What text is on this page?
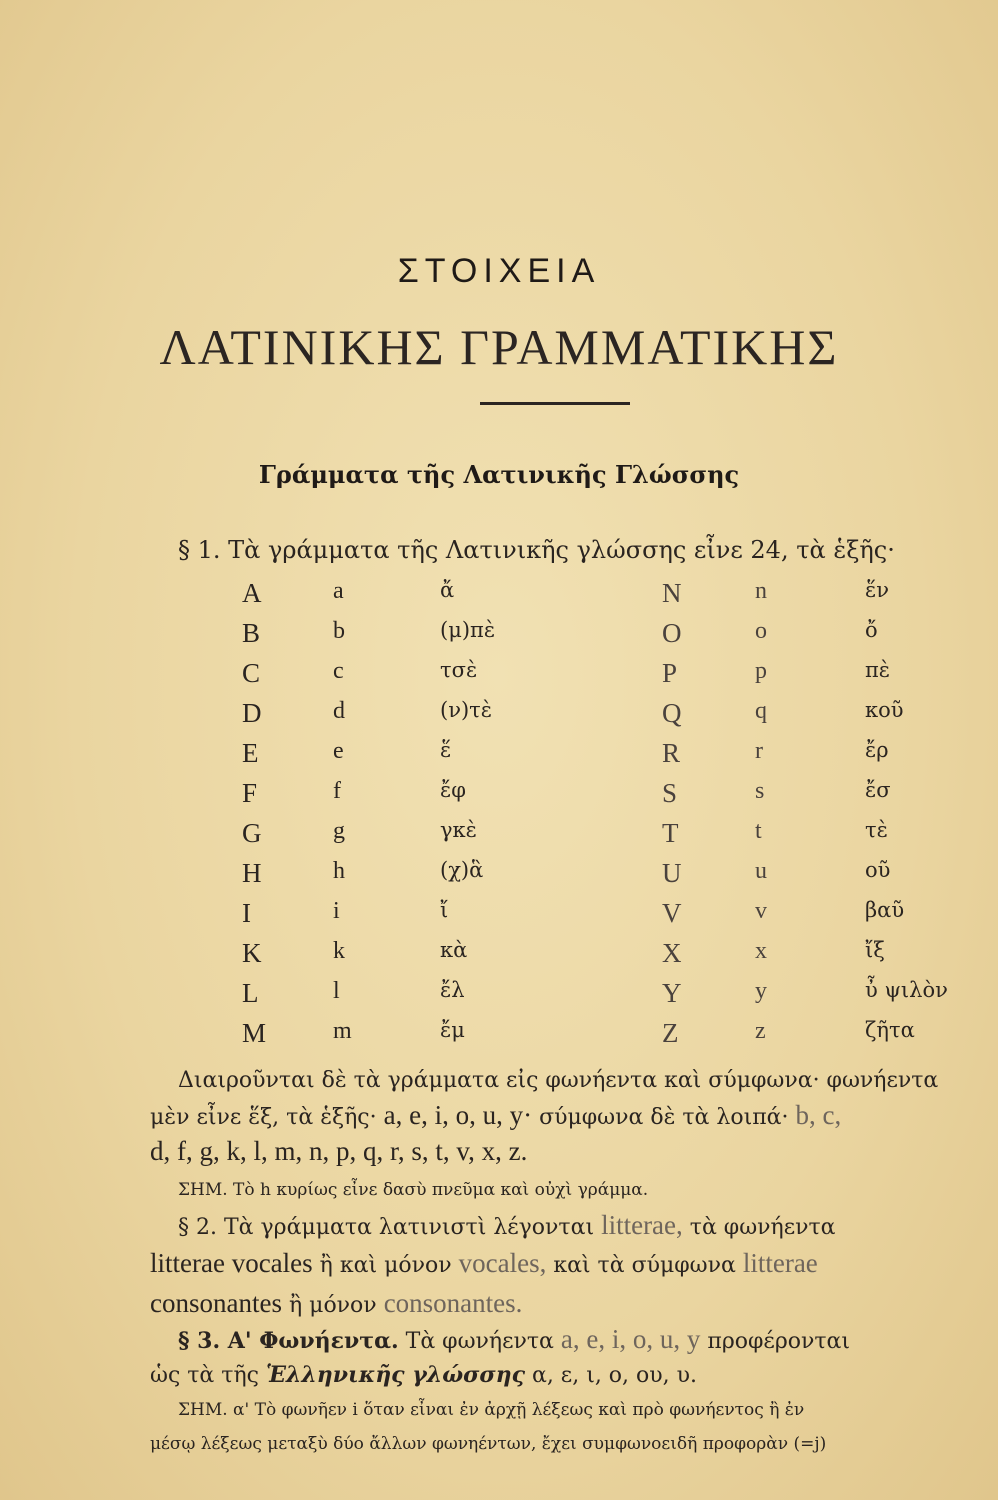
ΣΤΟΙΧΕΙΑ
ΛΑΤΙΝΙΚΗΣ ΓΡΑΜΜΑΤΙΚΗΣ
Γράμματα τῆς Λατινικῆς Γλώσσης
§ 1. Τὰ γράμματα τῆς Λατινικῆς γλώσσης εἶνε 24, τὰ ἑξῆς·
A	a	ἄ	N	n	ἕν
B	b	(μ)πὲ	O	o	ὄ
C	c	τσὲ	P	p	πὲ
D	d	(ν)τὲ	Q	q	κοῦ
E	e	ἕ	R	r	ἔρ
F	f	ἔφ	S	s	ἔσ
G	g	γκὲ	T	t	τὲ
H	h	(χ)ἃ	U	u	οῦ
I	i	ἴ	V	v	βαῦ
K	k	κὰ	X	x	ἴξ
L	l	ἔλ	Y	y	ὖ ψιλὸν
M	m	ἔμ	Z	z	ζῆτα
Διαιροῦνται δὲ τὰ γράμματα εἰς φωνήεντα καὶ σύμφωνα· φωνήεντα
μὲν εἶνε ἕξ, τὰ ἑξῆς· a, e, i, o, u, y· σύμφωνα δὲ τὰ λοιπά· b, c,
d, f, g, k, l, m, n, p, q, r, s, t, v, x, z.
ΣΗΜ. Τὸ h κυρίως εἶνε δασὺ πνεῦμα καὶ οὐχὶ γράμμα.
§ 2. Τὰ γράμματα λατινιστὶ λέγονται litterae, τὰ φωνήεντα
litterae vocales ἢ καὶ μόνον vocales, καὶ τὰ σύμφωνα litterae
consonantes ἢ μόνον consonantes.
§ 3. Α' Φωνήεντα. Τὰ φωνήεντα a, e, i, o, u, y προφέρονται
ὡς τὰ τῆς Ἑλληνικῆς γλώσσης α, ε, ι, ο, ου, υ.
ΣΗΜ. α' Τὸ φωνῆεν i ὅταν εἶναι ἐν ἀρχῇ λέξεως καὶ πρὸ φωνήεντος ἢ ἐν
μέσῳ λέξεως μεταξὺ δύο ἄλλων φωνηέντων, ἔχει συμφωνοειδῆ προφορὰν (=j)
